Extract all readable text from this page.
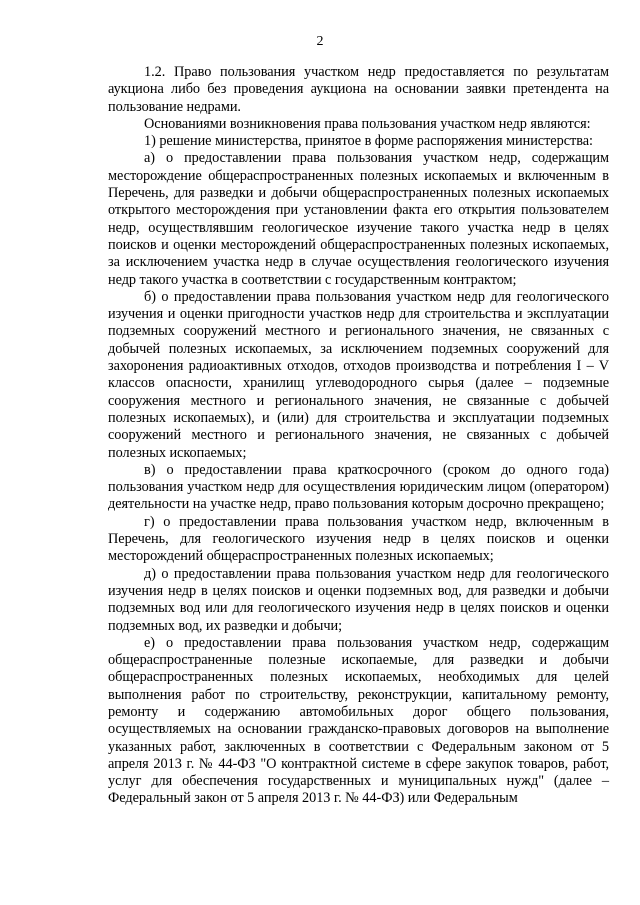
2

1.2. Право пользования участком недр предоставляется по результатам аукциона либо без проведения аукциона на основании заявки претендента на пользование недрами.

Основаниями возникновения права пользования участком недр являются:

1) решение министерства, принятое в форме распоряжения министерства:

а) о предоставлении права пользования участком недр, содержащим месторождение общераспространенных полезных ископаемых и включенным в Перечень, для разведки и добычи общераспространенных полезных ископаемых открытого месторождения при установлении факта его открытия пользователем недр, осуществлявшим геологическое изучение такого участка недр в целях поисков и оценки месторождений общераспространенных полезных ископаемых, за исключением участка недр в случае осуществления геологического изучения недр такого участка в соответствии с государственным контрактом;

б) о предоставлении права пользования участком недр для геологического изучения и оценки пригодности участков недр для строительства и эксплуатации подземных сооружений местного и регионального значения, не связанных с добычей полезных ископаемых, за исключением подземных сооружений для захоронения радиоактивных отходов, отходов производства и потребления I – V классов опасности, хранилищ углеводородного сырья (далее – подземные сооружения местного и регионального значения, не связанные с добычей полезных ископаемых), и (или) для строительства и эксплуатации подземных сооружений местного и регионального значения, не связанных с добычей полезных ископаемых;

в) о предоставлении права краткосрочного (сроком до одного года) пользования участком недр для осуществления юридическим лицом (оператором) деятельности на участке недр, право пользования которым досрочно прекращено;

г) о предоставлении права пользования участком недр, включенным в Перечень, для геологического изучения недр в целях поисков и оценки месторождений общераспространенных полезных ископаемых;

д) о предоставлении права пользования участком недр для геологического изучения недр в целях поисков и оценки подземных вод, для разведки и добычи подземных вод или для геологического изучения недр в целях поисков и оценки подземных вод, их разведки и добычи;

е) о предоставлении права пользования участком недр, содержащим общераспространенные полезные ископаемые, для разведки и добычи общераспространенных полезных ископаемых, необходимых для целей выполнения работ по строительству, реконструкции, капитальному ремонту, ремонту и содержанию автомобильных дорог общего пользования, осуществляемых на основании гражданско-правовых договоров на выполнение указанных работ, заключенных в соответствии с Федеральным законом от 5 апреля 2013 г. № 44-ФЗ "О контрактной системе в сфере закупок товаров, работ, услуг для обеспечения государственных и муниципальных нужд" (далее – Федеральный закон от 5 апреля 2013 г. № 44-ФЗ) или Федеральным
